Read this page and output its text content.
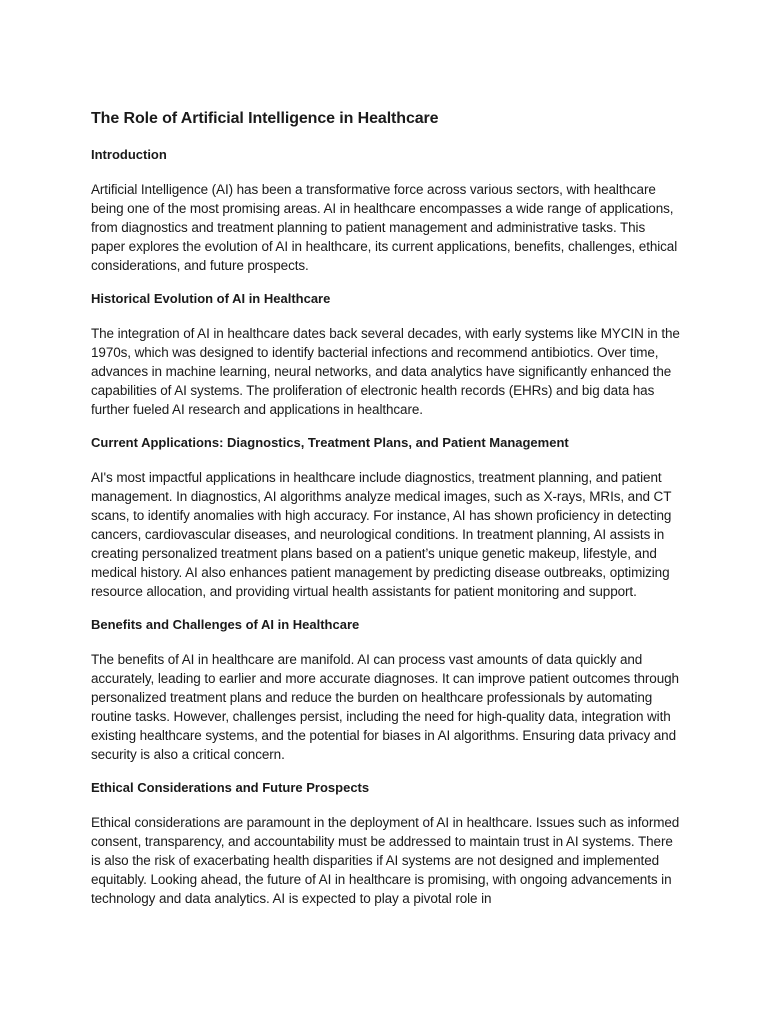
The Role of Artificial Intelligence in Healthcare
Introduction

Artificial Intelligence (AI) has been a transformative force across various sectors, with healthcare being one of the most promising areas. AI in healthcare encompasses a wide range of applications, from diagnostics and treatment planning to patient management and administrative tasks. This paper explores the evolution of AI in healthcare, its current applications, benefits, challenges, ethical considerations, and future prospects.

Historical Evolution of AI in Healthcare

The integration of AI in healthcare dates back several decades, with early systems like MYCIN in the 1970s, which was designed to identify bacterial infections and recommend antibiotics. Over time, advances in machine learning, neural networks, and data analytics have significantly enhanced the capabilities of AI systems. The proliferation of electronic health records (EHRs) and big data has further fueled AI research and applications in healthcare.

Current Applications: Diagnostics, Treatment Plans, and Patient Management

AI's most impactful applications in healthcare include diagnostics, treatment planning, and patient management. In diagnostics, AI algorithms analyze medical images, such as X-rays, MRIs, and CT scans, to identify anomalies with high accuracy. For instance, AI has shown proficiency in detecting cancers, cardiovascular diseases, and neurological conditions. In treatment planning, AI assists in creating personalized treatment plans based on a patient’s unique genetic makeup, lifestyle, and medical history. AI also enhances patient management by predicting disease outbreaks, optimizing resource allocation, and providing virtual health assistants for patient monitoring and support.

Benefits and Challenges of AI in Healthcare

The benefits of AI in healthcare are manifold. AI can process vast amounts of data quickly and accurately, leading to earlier and more accurate diagnoses. It can improve patient outcomes through personalized treatment plans and reduce the burden on healthcare professionals by automating routine tasks. However, challenges persist, including the need for high-quality data, integration with existing healthcare systems, and the potential for biases in AI algorithms. Ensuring data privacy and security is also a critical concern.

Ethical Considerations and Future Prospects

Ethical considerations are paramount in the deployment of AI in healthcare. Issues such as informed consent, transparency, and accountability must be addressed to maintain trust in AI systems. There is also the risk of exacerbating health disparities if AI systems are not designed and implemented equitably. Looking ahead, the future of AI in healthcare is promising, with ongoing advancements in technology and data analytics. AI is expected to play a pivotal role in
